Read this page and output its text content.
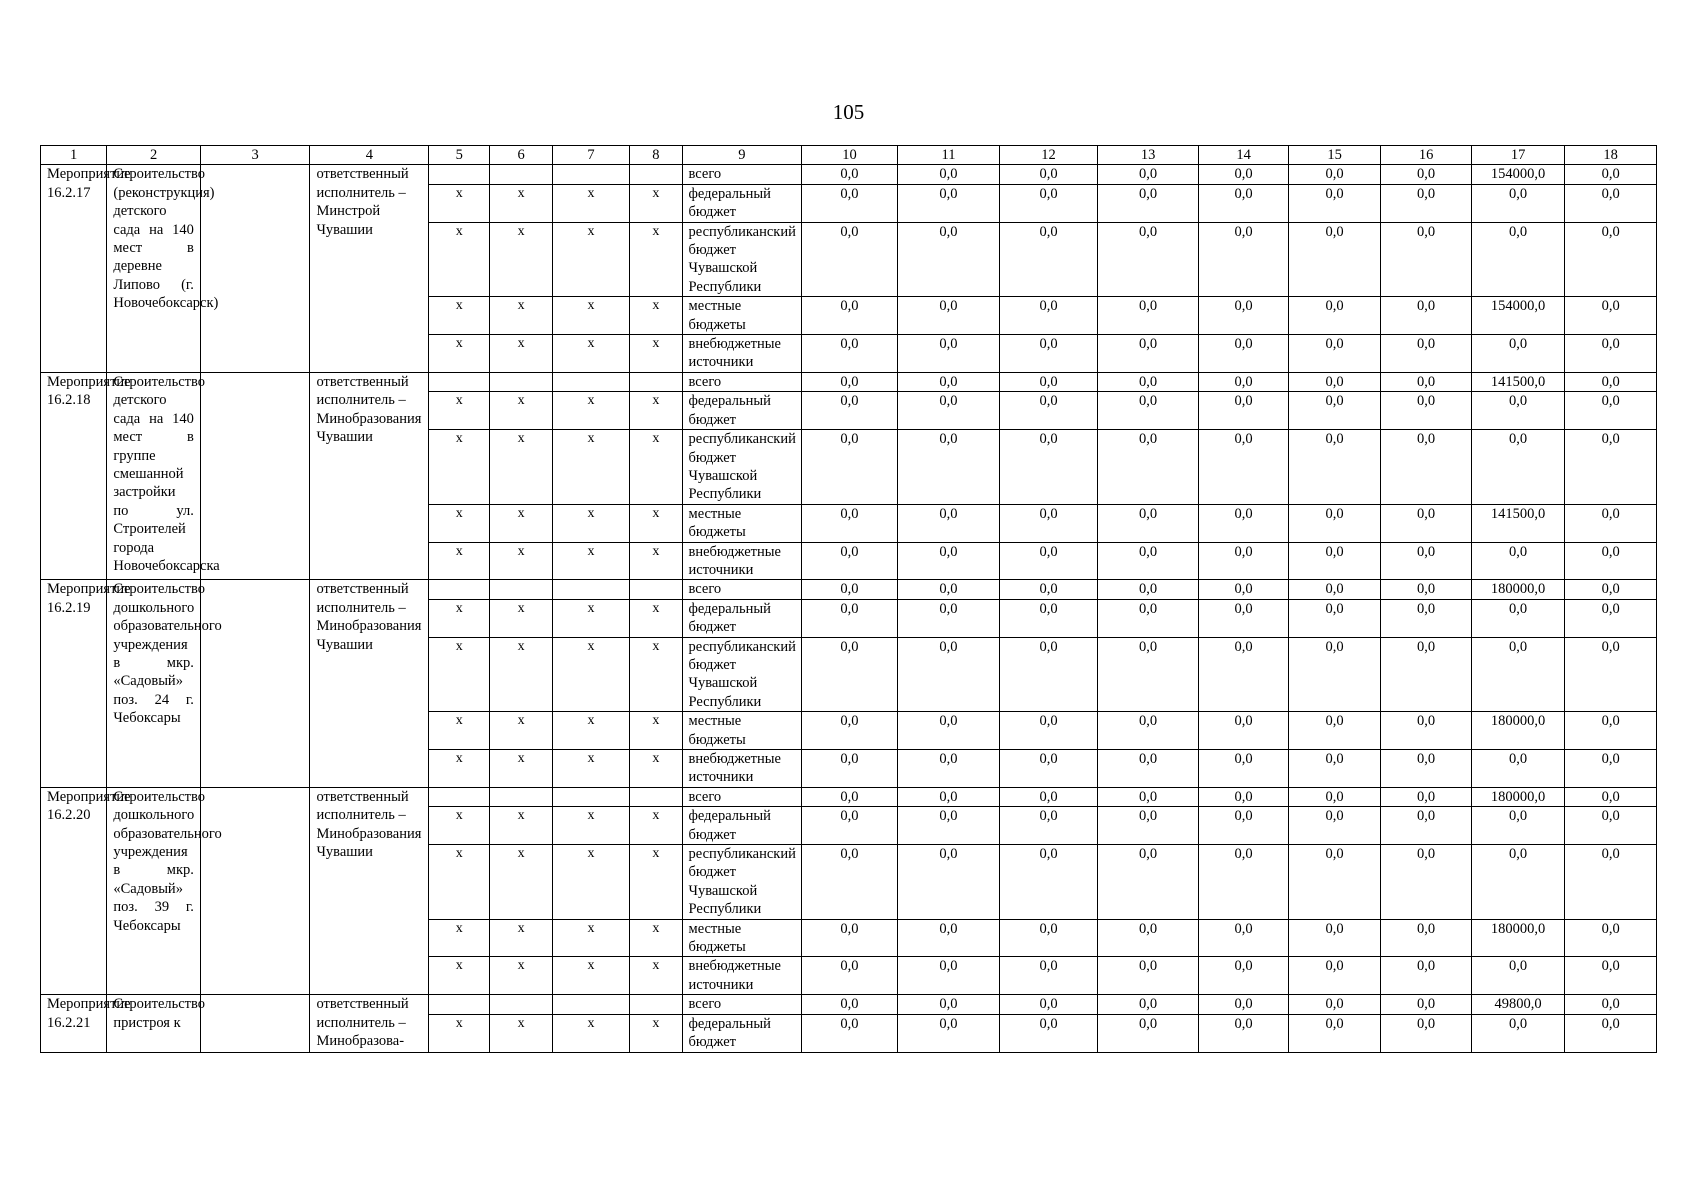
105
1	2	3	4	5	6	7	8	9	10	11	12	13	14	15	16	17	18
Мероприятие 16.2.17	Строительство (реконструкция) детского сада на 140 мест в деревне Липово (г. Новочебоксарск)		ответственный исполнитель – Минстрой Чувашии					всего	0,0	0,0	0,0	0,0	0,0	0,0	0,0	154000,0	0,0
				x	x	x	x	федеральный бюджет	0,0	0,0	0,0	0,0	0,0	0,0	0,0	0,0	0,0
				x	x	x	x	республиканский бюджет Чувашской Республики	0,0	0,0	0,0	0,0	0,0	0,0	0,0	0,0	0,0
				x	x	x	x	местные бюджеты	0,0	0,0	0,0	0,0	0,0	0,0	0,0	154000,0	0,0
				x	x	x	x	внебюджетные источники	0,0	0,0	0,0	0,0	0,0	0,0	0,0	0,0	0,0
Мероприятие 16.2.18	Строительство детского сада на 140 мест в группе смешанной застройки по ул. Строителей города Новочебоксарска		ответственный исполнитель – Минобразования Чувашии					всего	0,0	0,0	0,0	0,0	0,0	0,0	0,0	141500,0	0,0
				x	x	x	x	федеральный бюджет	0,0	0,0	0,0	0,0	0,0	0,0	0,0	0,0	0,0
				x	x	x	x	республиканский бюджет Чувашской Республики	0,0	0,0	0,0	0,0	0,0	0,0	0,0	0,0	0,0
				x	x	x	x	местные бюджеты	0,0	0,0	0,0	0,0	0,0	0,0	0,0	141500,0	0,0
				x	x	x	x	внебюджетные источники	0,0	0,0	0,0	0,0	0,0	0,0	0,0	0,0	0,0
Мероприятие 16.2.19	Строительство дошкольного образовательного учреждения в мкр. «Садовый» поз. 24 г. Чебоксары		ответственный исполнитель – Минобразования Чувашии					всего	0,0	0,0	0,0	0,0	0,0	0,0	0,0	180000,0	0,0
				x	x	x	x	федеральный бюджет	0,0	0,0	0,0	0,0	0,0	0,0	0,0	0,0	0,0
				x	x	x	x	республиканский бюджет Чувашской Республики	0,0	0,0	0,0	0,0	0,0	0,0	0,0	0,0	0,0
				x	x	x	x	местные бюджеты	0,0	0,0	0,0	0,0	0,0	0,0	0,0	180000,0	0,0
				x	x	x	x	внебюджетные источники	0,0	0,0	0,0	0,0	0,0	0,0	0,0	0,0	0,0
Мероприятие 16.2.20	Строительство дошкольного образовательного учреждения в мкр. «Садовый» поз. 39 г. Чебоксары		ответственный исполнитель – Минобразования Чувашии					всего	0,0	0,0	0,0	0,0	0,0	0,0	0,0	180000,0	0,0
				x	x	x	x	федеральный бюджет	0,0	0,0	0,0	0,0	0,0	0,0	0,0	0,0	0,0
				x	x	x	x	республиканский бюджет Чувашской Республики	0,0	0,0	0,0	0,0	0,0	0,0	0,0	0,0	0,0
				x	x	x	x	местные бюджеты	0,0	0,0	0,0	0,0	0,0	0,0	0,0	180000,0	0,0
				x	x	x	x	внебюджетные источники	0,0	0,0	0,0	0,0	0,0	0,0	0,0	0,0	0,0
Мероприятие 16.2.21	Строительство пристроя к		ответственный исполнитель – Минобразова-					всего	0,0	0,0	0,0	0,0	0,0	0,0	0,0	49800,0	0,0
				x	x	x	x	федеральный бюджет	0,0	0,0	0,0	0,0	0,0	0,0	0,0	0,0	0,0
